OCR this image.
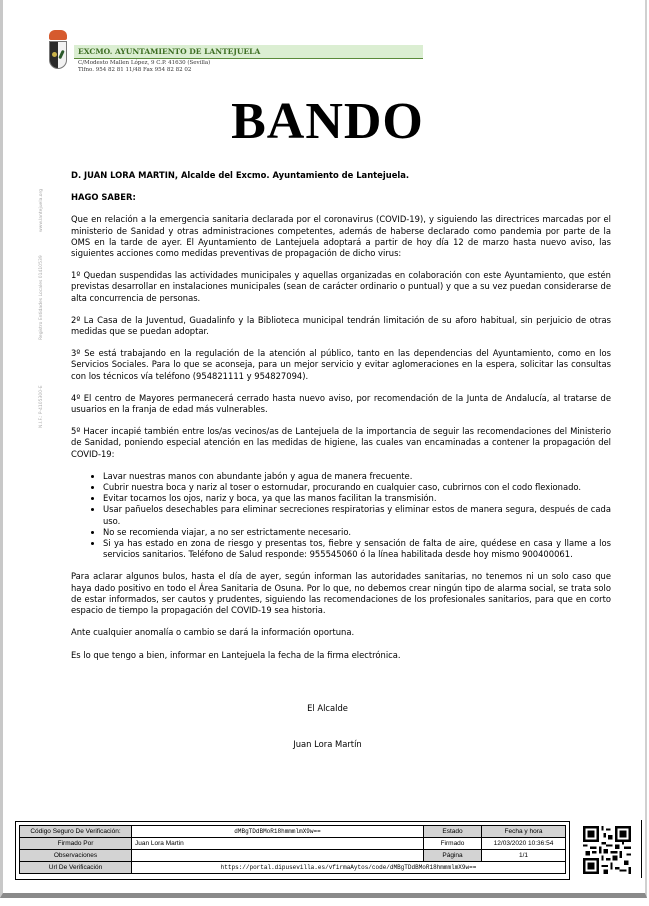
EXCMO. AYUNTAMIENTO DE LANTEJUELA
C/Modesto Mallen López, 9 C.P. 41630 (Sevilla)
Tlfno. 954 82 81 11/48 Fax 954 82 82 02
www.lantejuela.org
Registro Entidades Locales 01410539
N.I.F.: P-4105300-E
BANDO

D. JUAN LORA MARTIN, Alcalde del Excmo. Ayuntamiento de Lantejuela.

HAGO SABER:

Que en relación a la emergencia sanitaria declarada por el coronavirus (COVID-19), y siguiendo las directrices marcadas por el ministerio de Sanidad y otras administraciones competentes, además de haberse declarado como pandemia por parte de la OMS en la tarde de ayer. El Ayuntamiento de Lantejuela adoptará a partir de hoy día 12 de marzo hasta nuevo aviso, las siguientes acciones como medidas preventivas de propagación de dicho virus:

1º Quedan suspendidas las actividades municipales y aquellas organizadas en colaboración con este Ayuntamiento, que estén previstas desarrollar en instalaciones municipales (sean de carácter ordinario o puntual) y que a su vez puedan considerarse de alta concurrencia de personas.

2º La Casa de la Juventud, Guadalinfo y la Biblioteca municipal tendrán limitación de su aforo habitual, sin perjuicio de otras medidas que se puedan adoptar.

3º Se está trabajando en la regulación de la atención al público, tanto en las dependencias del Ayuntamiento, como en los Servicios Sociales. Para lo que se aconseja, para un mejor servicio y evitar aglomeraciones en la espera, solicitar las consultas con los técnicos vía teléfono (954821111 y 954827094).

4º El centro de Mayores permanecerá cerrado hasta nuevo aviso, por recomendación de la Junta de Andalucía, al tratarse de usuarios en la franja de edad más vulnerables.

5º Hacer incapié también entre los/as vecinos/as de Lantejuela de la importancia de seguir las recomendaciones del Ministerio de Sanidad, poniendo especial atención en las medidas de higiene, las cuales van encaminadas a contener la propagación del COVID-19:

• Lavar nuestras manos con abundante jabón y agua de manera frecuente.
• Cubrir nuestra boca y nariz al toser o estornudar, procurando en cualquier caso, cubrirnos con el codo flexionado.
• Evitar tocarnos los ojos, nariz y boca, ya que las manos facilitan la transmisión.
• Usar pañuelos desechables para eliminar secreciones respiratorias y eliminar estos de manera segura, después de cada uso.
• No se recomienda viajar, a no ser estrictamente necesario.
• Si ya has estado en zona de riesgo y presentas tos, fiebre y sensación de falta de aire, quédese en casa y llame a los servicios sanitarios. Teléfono de Salud responde: 955545060 ó la línea habilitada desde hoy mismo 900400061.

Para aclarar algunos bulos, hasta el día de ayer, según informan las autoridades sanitarias, no tenemos ni un solo caso que haya dado positivo en todo el Área Sanitaria de Osuna. Por lo que, no debemos crear ningún tipo de alarma social, se trata solo de estar informados, ser cautos y prudentes, siguiendo las recomendaciones de los profesionales sanitarios, para que en corto espacio de tiempo la propagación del COVID-19 sea historia.

Ante cualquier anomalía o cambio se dará la información oportuna.

Es lo que tengo a bien, informar en Lantejuela la fecha de la firma electrónica.

El Alcalde
Juan Lora Martín
Código Seguro De Verificación:	dMBgTDdBMoR18hmmmlmX9w==	Estado	Fecha y hora
Firmado Por	Juan Lora Martin	Firmado	12/03/2020 10:36:54
Observaciones		Página	1/1
Url De Verificación	https://portal.dipusevilla.es/vfirmaAytos/code/dMBgTDdBMoR18hmmmlmX9w==		
